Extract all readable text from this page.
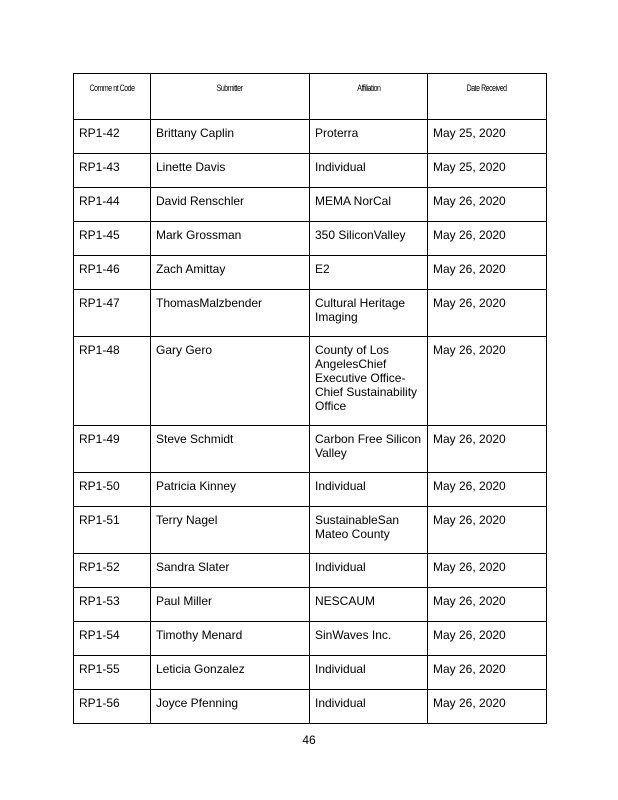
Comme nt Code	Submitter	Affiliation	Date Received
RP1-42	Brittany Caplin	Proterra	May 25, 2020
RP1-43	Linette Davis	Individual	May 25, 2020
RP1-44	David Renschler	MEMA NorCal	May 26, 2020
RP1-45	Mark Grossman	350 SiliconValley	May 26, 2020
RP1-46	Zach Amittay	E2	May 26, 2020
RP1-47	ThomasMalzbender	Cultural Heritage Imaging	May 26, 2020
RP1-48	Gary Gero	County of Los AngelesChief Executive Office-Chief Sustainability Office	May 26, 2020
RP1-49	Steve Schmidt	Carbon Free Silicon Valley	May 26, 2020
RP1-50	Patricia Kinney	Individual	May 26, 2020
RP1-51	Terry Nagel	SustainableSan Mateo County	May 26, 2020
RP1-52	Sandra Slater	Individual	May 26, 2020
RP1-53	Paul Miller	NESCAUM	May 26, 2020
RP1-54	Timothy Menard	SinWaves Inc.	May 26, 2020
RP1-55	Leticia Gonzalez	Individual	May 26, 2020
RP1-56	Joyce Pfenning	Individual	May 26, 2020
46
